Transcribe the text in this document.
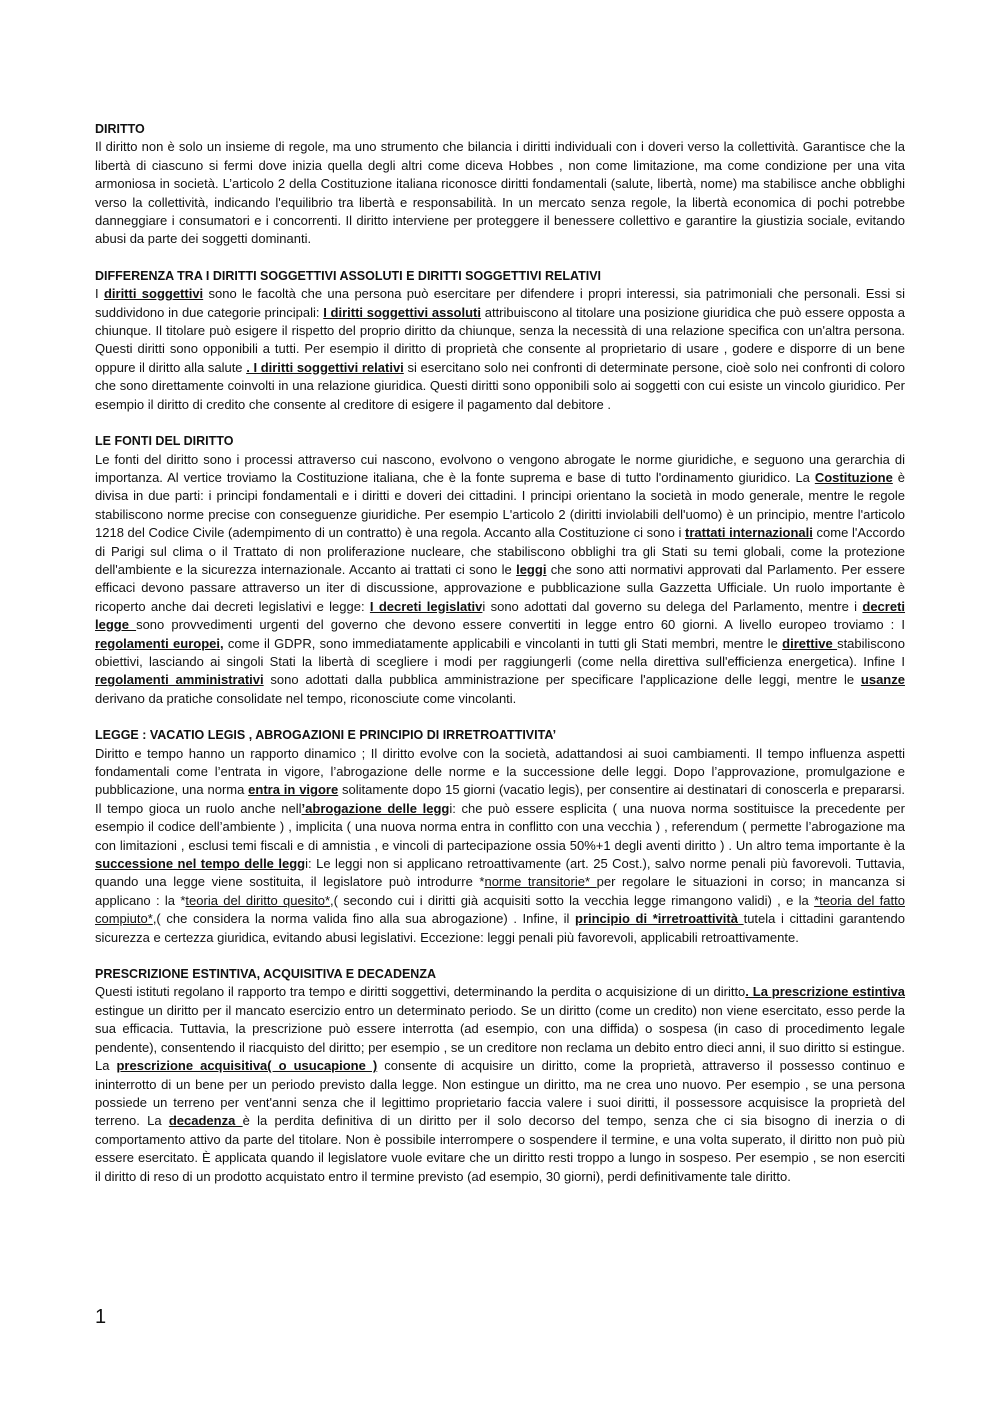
DIRITTO
Il diritto non è solo un insieme di regole, ma uno strumento che bilancia i diritti individuali con i doveri verso la collettività. Garantisce che la libertà di ciascuno si fermi dove inizia quella degli altri come diceva Hobbes , non come limitazione, ma come condizione per una vita armoniosa in società. L’articolo 2 della Costituzione italiana riconosce diritti fondamentali (salute, libertà, nome) ma stabilisce anche obblighi verso la collettività, indicando l'equilibrio tra libertà e responsabilità. In un mercato senza regole, la libertà economica di pochi potrebbe danneggiare i consumatori e i concorrenti. Il diritto interviene per proteggere il benessere collettivo e garantire la giustizia sociale, evitando abusi da parte dei soggetti dominanti.
DIFFERENZA TRA I DIRITTI SOGGETTIVI ASSOLUTI E DIRITTI SOGGETTIVI RELATIVI
I diritti soggettivi sono le facoltà che una persona può esercitare per difendere i propri interessi, sia patrimoniali che personali. Essi si suddividono in due categorie principali: I diritti soggettivi assoluti attribuiscono al titolare una posizione giuridica che può essere opposta a chiunque. Il titolare può esigere il rispetto del proprio diritto da chiunque, senza la necessità di una relazione specifica con un'altra persona. Questi diritti sono opponibili a tutti. Per esempio il diritto di proprietà che consente al proprietario di usare , godere e disporre di un bene oppure il diritto alla salute . I diritti soggettivi relativi si esercitano solo nei confronti di determinate persone, cioè solo nei confronti di coloro che sono direttamente coinvolti in una relazione giuridica. Questi diritti sono opponibili solo ai soggetti con cui esiste un vincolo giuridico. Per esempio il diritto di credito che consente al creditore di esigere il pagamento dal debitore .
LE FONTI DEL DIRITTO
Le fonti del diritto sono i processi attraverso cui nascono, evolvono o vengono abrogate le norme giuridiche, e seguono una gerarchia di importanza. Al vertice troviamo la Costituzione italiana, che è la fonte suprema e base di tutto l'ordinamento giuridico. La Costituzione è divisa in due parti: i principi fondamentali e i diritti e doveri dei cittadini. I principi orientano la società in modo generale, mentre le regole stabiliscono norme precise con conseguenze giuridiche. Per esempio L'articolo 2 (diritti inviolabili dell'uomo) è un principio, mentre l'articolo 1218 del Codice Civile (adempimento di un contratto) è una regola. Accanto alla Costituzione ci sono i trattati internazionali come l'Accordo di Parigi sul clima o il Trattato di non proliferazione nucleare, che stabiliscono obblighi tra gli Stati su temi globali, come la protezione dell'ambiente e la sicurezza internazionale. Accanto ai trattati ci sono le leggi che sono atti normativi approvati dal Parlamento. Per essere efficaci devono passare attraverso un iter di discussione, approvazione e pubblicazione sulla Gazzetta Ufficiale. Un ruolo importante è ricoperto anche dai decreti legislativi e legge: I decreti legislativi sono adottati dal governo su delega del Parlamento, mentre i decreti legge sono provvedimenti urgenti del governo che devono essere convertiti in legge entro 60 giorni. A livello europeo troviamo : I regolamenti europei, come il GDPR, sono immediatamente applicabili e vincolanti in tutti gli Stati membri, mentre le direttive stabiliscono obiettivi, lasciando ai singoli Stati la libertà di scegliere i modi per raggiungerli (come nella direttiva sull'efficienza energetica). Infine I regolamenti amministrativi sono adottati dalla pubblica amministrazione per specificare l'applicazione delle leggi, mentre le usanze derivano da pratiche consolidate nel tempo, riconosciute come vincolanti.
LEGGE : VACATIO LEGIS , ABROGAZIONI E PRINCIPIO DI IRRETROATTIVITA’
Diritto e tempo hanno un rapporto dinamico ; Il diritto evolve con la società, adattandosi ai suoi cambiamenti. Il tempo influenza aspetti fondamentali come l’entrata in vigore, l’abrogazione delle norme e la successione delle leggi. Dopo l’approvazione, promulgazione e pubblicazione, una norma entra in vigore solitamente dopo 15 giorni (vacatio legis), per consentire ai destinatari di conoscerla e prepararsi. Il tempo gioca un ruolo anche nell’abrogazione delle leggi: che può essere esplicita ( una nuova norma sostituisce la precedente per esempio il codice dell’ambiente ) , implicita ( una nuova norma entra in conflitto con una vecchia ) , referendum ( permette l’abrogazione ma con limitazioni , esclusi temi fiscali e di amnistia , e vincoli di partecipazione ossia 50%+1 degli aventi diritto ) . Un altro tema importante è la successione nel tempo delle leggi: Le leggi non si applicano retroattivamente (art. 25 Cost.), salvo norme penali più favorevoli. Tuttavia, quando una legge viene sostituita, il legislatore può introdurre *norme transitorie* per regolare le situazioni in corso; in mancanza si applicano : la *teoria del diritto quesito*,( secondo cui i diritti già acquisiti sotto la vecchia legge rimangono validi) , e la *teoria del fatto compiuto*,( che considera la norma valida fino alla sua abrogazione) . Infine, il principio di *irretroattività tutela i cittadini garantendo sicurezza e certezza giuridica, evitando abusi legislativi. Eccezione: leggi penali più favorevoli, applicabili retroattivamente.
PRESCRIZIONE ESTINTIVA, ACQUISITIVA E DECADENZA
Questi istituti regolano il rapporto tra tempo e diritti soggettivi, determinando la perdita o acquisizione di un diritto. La prescrizione estintiva estingue un diritto per il mancato esercizio entro un determinato periodo. Se un diritto (come un credito) non viene esercitato, esso perde la sua efficacia. Tuttavia, la prescrizione può essere interrotta (ad esempio, con una diffida) o sospesa (in caso di procedimento legale pendente), consentendo il riacquisto del diritto; per esempio , se un creditore non reclama un debito entro dieci anni, il suo diritto si estingue. La prescrizione acquisitiva( o usucapione ) consente di acquisire un diritto, come la proprietà, attraverso il possesso continuo e ininterrotto di un bene per un periodo previsto dalla legge. Non estingue un diritto, ma ne crea uno nuovo. Per esempio , se una persona possiede un terreno per vent'anni senza che il legittimo proprietario faccia valere i suoi diritti, il possessore acquisisce la proprietà del terreno. La decadenza è la perdita definitiva di un diritto per il solo decorso del tempo, senza che ci sia bisogno di inerzia o di comportamento attivo da parte del titolare. Non è possibile interrompere o sospendere il termine, e una volta superato, il diritto non può più essere esercitato. È applicata quando il legislatore vuole evitare che un diritto resti troppo a lungo in sospeso. Per esempio , se non eserciti il diritto di reso di un prodotto acquistato entro il termine previsto (ad esempio, 30 giorni), perdi definitivamente tale diritto.
1
